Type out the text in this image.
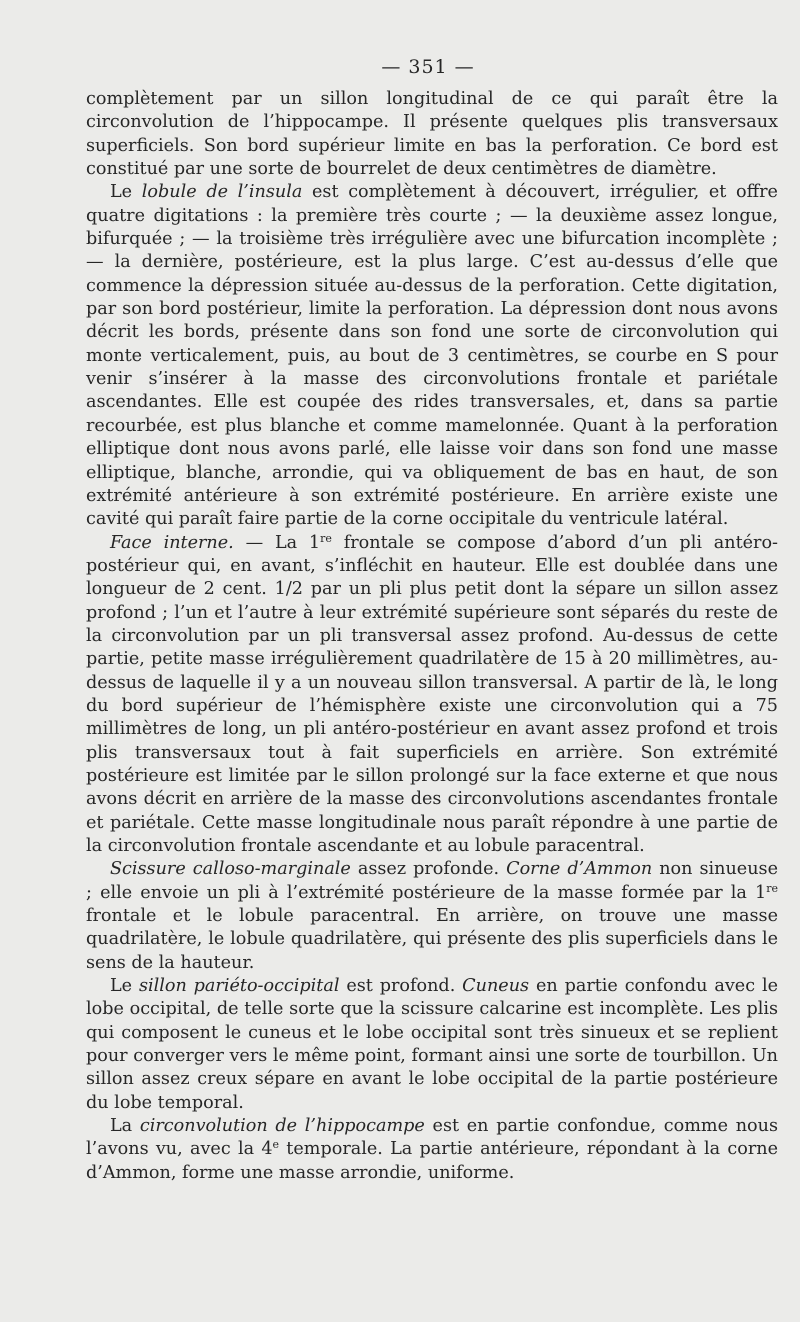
— 351 —

complètement par un sillon longitudinal de ce qui paraît être la circonvolution de l’hippocampe. Il présente quelques plis transversaux superficiels. Son bord supérieur limite en bas la perforation. Ce bord est constitué par une sorte de bourrelet de deux centimètres de diamètre.

Le lobule de l’insula est complètement à découvert, irrégulier, et offre quatre digitations : la première très courte ; — la deuxième assez longue, bifurquée ; — la troisième très irrégulière avec une bifurcation incomplète ; — la dernière, postérieure, est la plus large. C’est au-dessus d’elle que commence la dépression située au-dessus de la perforation. Cette digitation, par son bord postérieur, limite la perforation. La dépression dont nous avons décrit les bords, présente dans son fond une sorte de circonvolution qui monte verticalement, puis, au bout de 3 centimètres, se courbe en S pour venir s’insérer à la masse des circonvolutions frontale et pariétale ascendantes. Elle est coupée des rides transversales, et, dans sa partie recourbée, est plus blanche et comme mamelonnée. Quant à la perforation elliptique dont nous avons parlé, elle laisse voir dans son fond une masse elliptique, blanche, arrondie, qui va obliquement de bas en haut, de son extrémité antérieure à son extrémité postérieure. En arrière existe une cavité qui paraît faire partie de la corne occipitale du ventricule latéral.

Face interne. — La 1re frontale se compose d’abord d’un pli antéro-postérieur qui, en avant, s’infléchit en hauteur. Elle est doublée dans une longueur de 2 cent. 1/2 par un pli plus petit dont la sépare un sillon assez profond ; l’un et l’autre à leur extrémité supérieure sont séparés du reste de la circonvolution par un pli transversal assez profond. Au-dessus de cette partie, petite masse irrégulièrement quadrilatère de 15 à 20 millimètres, au-dessus de laquelle il y a un nouveau sillon transversal. A partir de là, le long du bord supérieur de l’hémisphère existe une circonvolution qui a 75 millimètres de long, un pli antéro-postérieur en avant assez profond et trois plis transversaux tout à fait superficiels en arrière. Son extrémité postérieure est limitée par le sillon prolongé sur la face externe et que nous avons décrit en arrière de la masse des circonvolutions ascendantes frontale et pariétale. Cette masse longitudinale nous paraît répondre à une partie de la circonvolution frontale ascendante et au lobule paracentral.

Scissure calloso-marginale assez profonde. Corne d’Ammon non sinueuse ; elle envoie un pli à l’extrémité postérieure de la masse formée par la 1re frontale et le lobule paracentral. En arrière, on trouve une masse quadrilatère, le lobule quadrilatère, qui présente des plis superficiels dans le sens de la hauteur.

Le sillon pariéto-occipital est profond. Cuneus en partie confondu avec le lobe occipital, de telle sorte que la scissure calcarine est incomplète. Les plis qui composent le cuneus et le lobe occipital sont très sinueux et se replient pour converger vers le même point, formant ainsi une sorte de tourbillon. Un sillon assez creux sépare en avant le lobe occipital de la partie postérieure du lobe temporal.

La circonvolution de l’hippocampe est en partie confondue, comme nous l’avons vu, avec la 4e temporale. La partie antérieure, répondant à la corne d’Ammon, forme une masse arrondie, uniforme.
